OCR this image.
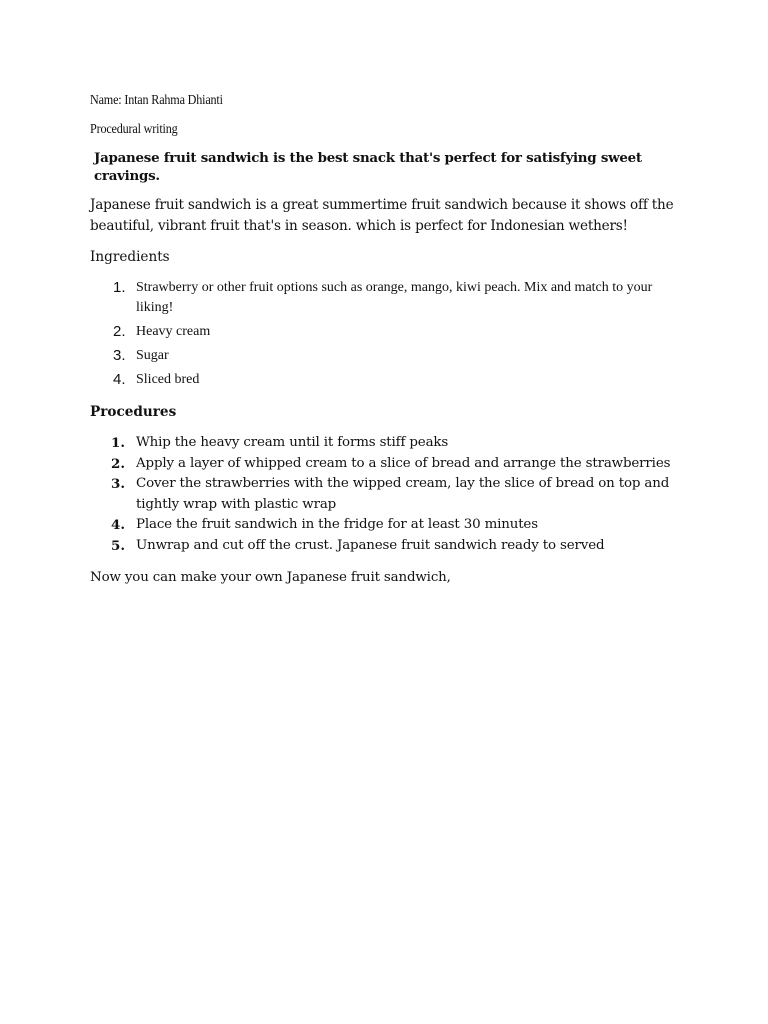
Name: Intan Rahma Dhianti

Procedural writing

Japanese fruit sandwich is the best snack that's perfect for satisfying sweet cravings.

Japanese fruit sandwich is a great summertime fruit sandwich because it shows off the beautiful, vibrant fruit that's in season. which is perfect for Indonesian wethers!

Ingredients

1. Strawberry or other fruit options such as orange, mango, kiwi peach. Mix and match to your liking!
2. Heavy cream
3. Sugar
4. Sliced bred

Procedures

1. Whip the heavy cream until it forms stiff peaks
2. Apply a layer of whipped cream to a slice of bread and arrange the strawberries
3. Cover the strawberries with the wipped cream, lay the slice of bread on top and tightly wrap with plastic wrap
4. Place the fruit sandwich in the fridge for at least 30 minutes
5. Unwrap and cut off the crust. Japanese fruit sandwich ready to served

Now you can make your own Japanese fruit sandwich,
